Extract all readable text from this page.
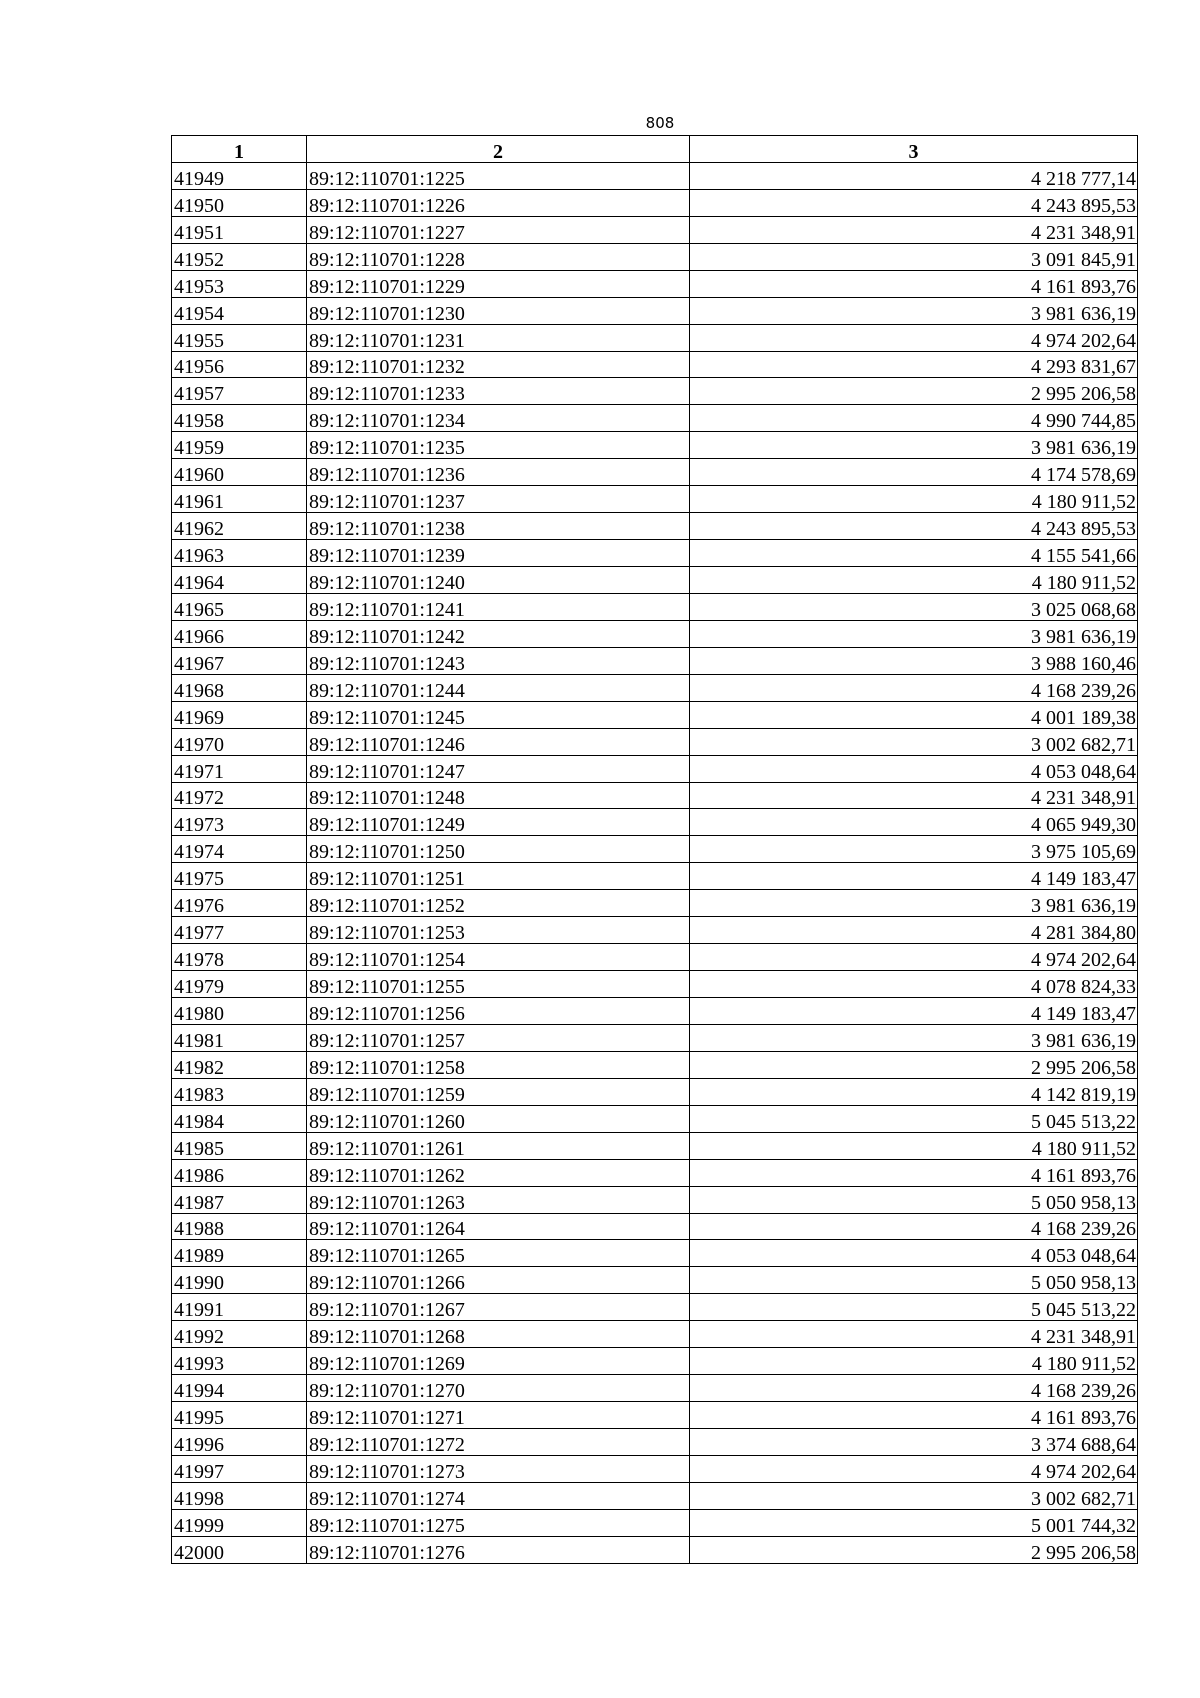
808
1	2	3
41949	89:12:110701:1225	4 218 777,14
41950	89:12:110701:1226	4 243 895,53
41951	89:12:110701:1227	4 231 348,91
41952	89:12:110701:1228	3 091 845,91
41953	89:12:110701:1229	4 161 893,76
41954	89:12:110701:1230	3 981 636,19
41955	89:12:110701:1231	4 974 202,64
41956	89:12:110701:1232	4 293 831,67
41957	89:12:110701:1233	2 995 206,58
41958	89:12:110701:1234	4 990 744,85
41959	89:12:110701:1235	3 981 636,19
41960	89:12:110701:1236	4 174 578,69
41961	89:12:110701:1237	4 180 911,52
41962	89:12:110701:1238	4 243 895,53
41963	89:12:110701:1239	4 155 541,66
41964	89:12:110701:1240	4 180 911,52
41965	89:12:110701:1241	3 025 068,68
41966	89:12:110701:1242	3 981 636,19
41967	89:12:110701:1243	3 988 160,46
41968	89:12:110701:1244	4 168 239,26
41969	89:12:110701:1245	4 001 189,38
41970	89:12:110701:1246	3 002 682,71
41971	89:12:110701:1247	4 053 048,64
41972	89:12:110701:1248	4 231 348,91
41973	89:12:110701:1249	4 065 949,30
41974	89:12:110701:1250	3 975 105,69
41975	89:12:110701:1251	4 149 183,47
41976	89:12:110701:1252	3 981 636,19
41977	89:12:110701:1253	4 281 384,80
41978	89:12:110701:1254	4 974 202,64
41979	89:12:110701:1255	4 078 824,33
41980	89:12:110701:1256	4 149 183,47
41981	89:12:110701:1257	3 981 636,19
41982	89:12:110701:1258	2 995 206,58
41983	89:12:110701:1259	4 142 819,19
41984	89:12:110701:1260	5 045 513,22
41985	89:12:110701:1261	4 180 911,52
41986	89:12:110701:1262	4 161 893,76
41987	89:12:110701:1263	5 050 958,13
41988	89:12:110701:1264	4 168 239,26
41989	89:12:110701:1265	4 053 048,64
41990	89:12:110701:1266	5 050 958,13
41991	89:12:110701:1267	5 045 513,22
41992	89:12:110701:1268	4 231 348,91
41993	89:12:110701:1269	4 180 911,52
41994	89:12:110701:1270	4 168 239,26
41995	89:12:110701:1271	4 161 893,76
41996	89:12:110701:1272	3 374 688,64
41997	89:12:110701:1273	4 974 202,64
41998	89:12:110701:1274	3 002 682,71
41999	89:12:110701:1275	5 001 744,32
42000	89:12:110701:1276	2 995 206,58
